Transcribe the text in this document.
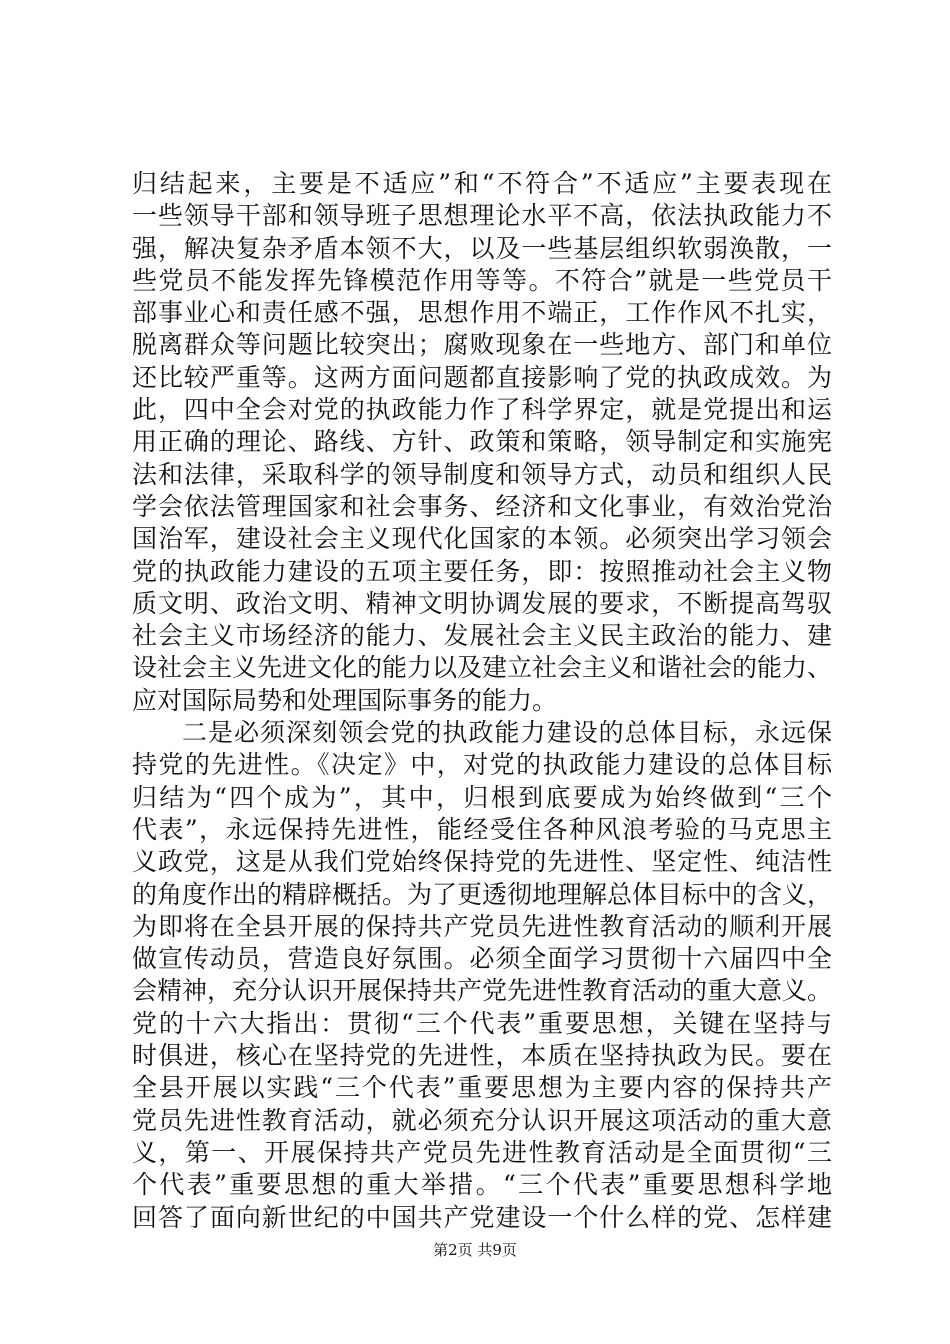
归结起来，主要是不适应”和“不符合”不适应”主要表现在
一些领导干部和领导班子思想理论水平不高，依法执政能力不
强，解决复杂矛盾本领不大，以及一些基层组织软弱涣散，一
些党员不能发挥先锋模范作用等等。不符合”就是一些党员干
部事业心和责任感不强，思想作用不端正，工作作风不扎实，
脱离群众等问题比较突出；腐败现象在一些地方、部门和单位
还比较严重等。这两方面问题都直接影响了党的执政成效。为
此，四中全会对党的执政能力作了科学界定，就是党提出和运
用正确的理论、路线、方针、政策和策略，领导制定和实施宪
法和法律，采取科学的领导制度和领导方式，动员和组织人民
学会依法管理国家和社会事务、经济和文化事业，有效治党治
国治军，建设社会主义现代化国家的本领。必须突出学习领会
党的执政能力建设的五项主要任务，即：按照推动社会主义物
质文明、政治文明、精神文明协调发展的要求，不断提高驾驭
社会主义市场经济的能力、发展社会主义民主政治的能力、建
设社会主义先进文化的能力以及建立社会主义和谐社会的能力、
应对国际局势和处理国际事务的能力。
二是必须深刻领会党的执政能力建设的总体目标，永远保
持党的先进性。《决定》中，对党的执政能力建设的总体目标
归结为“四个成为”，其中，归根到底要成为始终做到“三个
代表”，永远保持先进性，能经受住各种风浪考验的马克思主
义政党，这是从我们党始终保持党的先进性、坚定性、纯洁性
的角度作出的精辟概括。为了更透彻地理解总体目标中的含义，
为即将在全县开展的保持共产党员先进性教育活动的顺利开展
做宣传动员，营造良好氛围。必须全面学习贯彻十六届四中全
会精神，充分认识开展保持共产党先进性教育活动的重大意义。
党的十六大指出：贯彻“三个代表”重要思想，关键在坚持与
时俱进，核心在坚持党的先进性，本质在坚持执政为民。要在
全县开展以实践“三个代表”重要思想为主要内容的保持共产
党员先进性教育活动，就必须充分认识开展这项活动的重大意
义，第一、开展保持共产党员先进性教育活动是全面贯彻“三
个代表”重要思想的重大举措。“三个代表”重要思想科学地
回答了面向新世纪的中国共产党建设一个什么样的党、怎样建
第2页 共9页
